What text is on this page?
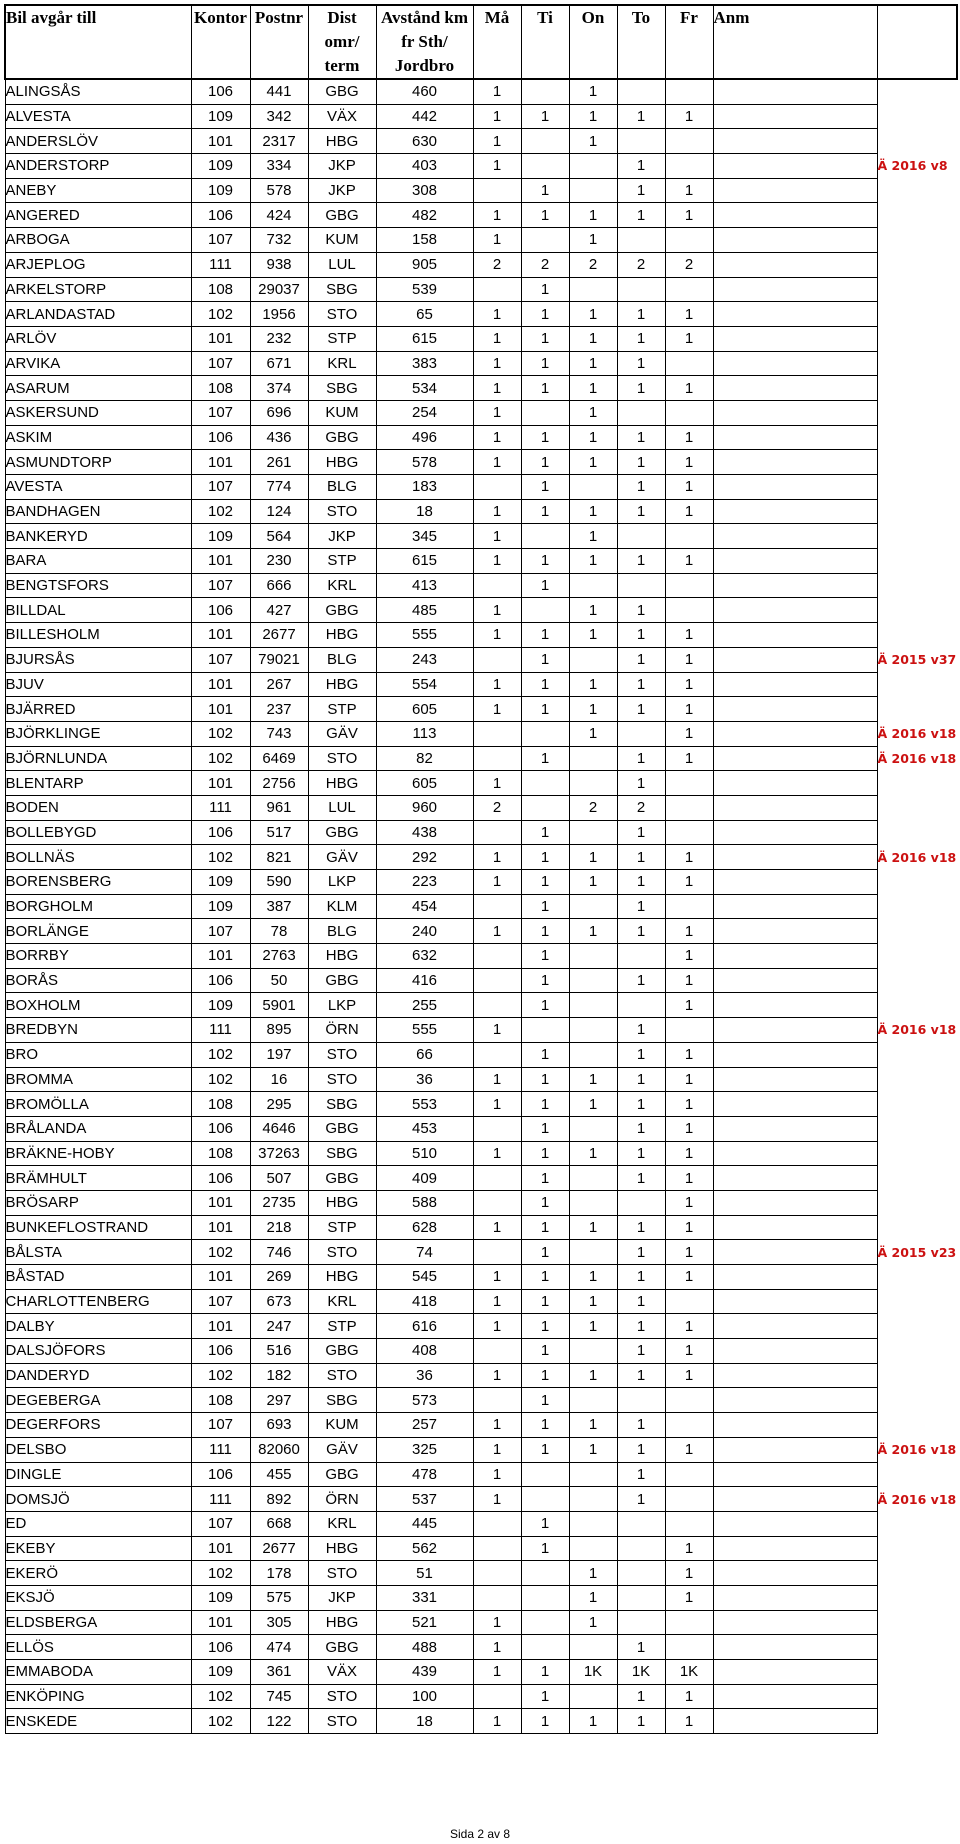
Bil avgår till	Kontor	Postnr	Dist
omr/
term	Avstånd km
fr Sth/
Jordbro	Må	Ti	On	To	Fr	Anm	
ALINGSÅS	106	441	GBG	460	1		1				
ALVESTA	109	342	VÄX	442	1	1	1	1	1		
ANDERSLÖV	101	2317	HBG	630	1		1				
ANDERSTORP	109	334	JKP	403	1			1			Ä 2016 v8
ANEBY	109	578	JKP	308		1		1	1		
ANGERED	106	424	GBG	482	1	1	1	1	1		
ARBOGA	107	732	KUM	158	1		1				
ARJEPLOG	111	938	LUL	905	2	2	2	2	2		
ARKELSTORP	108	29037	SBG	539		1					
ARLANDASTAD	102	1956	STO	65	1	1	1	1	1		
ARLÖV	101	232	STP	615	1	1	1	1	1		
ARVIKA	107	671	KRL	383	1	1	1	1			
ASARUM	108	374	SBG	534	1	1	1	1	1		
ASKERSUND	107	696	KUM	254	1		1				
ASKIM	106	436	GBG	496	1	1	1	1	1		
ASMUNDTORP	101	261	HBG	578	1	1	1	1	1		
AVESTA	107	774	BLG	183		1		1	1		
BANDHAGEN	102	124	STO	18	1	1	1	1	1		
BANKERYD	109	564	JKP	345	1		1				
BARA	101	230	STP	615	1	1	1	1	1		
BENGTSFORS	107	666	KRL	413		1					
BILLDAL	106	427	GBG	485	1		1	1			
BILLESHOLM	101	2677	HBG	555	1	1	1	1	1		
BJURSÅS	107	79021	BLG	243		1		1	1		Ä 2015 v37
BJUV	101	267	HBG	554	1	1	1	1	1		
BJÄRRED	101	237	STP	605	1	1	1	1	1		
BJÖRKLINGE	102	743	GÄV	113			1		1		Ä 2016 v18
BJÖRNLUNDA	102	6469	STO	82		1		1	1		Ä 2016 v18
BLENTARP	101	2756	HBG	605	1			1			
BODEN	111	961	LUL	960	2		2	2			
BOLLEBYGD	106	517	GBG	438		1		1			
BOLLNÄS	102	821	GÄV	292	1	1	1	1	1		Ä 2016 v18
BORENSBERG	109	590	LKP	223	1	1	1	1	1		
BORGHOLM	109	387	KLM	454		1		1			
BORLÄNGE	107	78	BLG	240	1	1	1	1	1		
BORRBY	101	2763	HBG	632		1			1		
BORÅS	106	50	GBG	416		1		1	1		
BOXHOLM	109	5901	LKP	255		1			1		
BREDBYN	111	895	ÖRN	555	1			1			Ä 2016 v18
BRO	102	197	STO	66		1		1	1		
BROMMA	102	16	STO	36	1	1	1	1	1		
BROMÖLLA	108	295	SBG	553	1	1	1	1	1		
BRÅLANDA	106	4646	GBG	453		1		1	1		
BRÄKNE-HOBY	108	37263	SBG	510	1	1	1	1	1		
BRÄMHULT	106	507	GBG	409		1		1	1		
BRÖSARP	101	2735	HBG	588		1			1		
BUNKEFLOSTRAND	101	218	STP	628	1	1	1	1	1		
BÅLSTA	102	746	STO	74		1		1	1		Ä 2015 v23
BÅSTAD	101	269	HBG	545	1	1	1	1	1		
CHARLOTTENBERG	107	673	KRL	418	1	1	1	1			
DALBY	101	247	STP	616	1	1	1	1	1		
DALSJÖFORS	106	516	GBG	408		1		1	1		
DANDERYD	102	182	STO	36	1	1	1	1	1		
DEGEBERGA	108	297	SBG	573		1					
DEGERFORS	107	693	KUM	257	1	1	1	1			
DELSBO	111	82060	GÄV	325	1	1	1	1	1		Ä 2016 v18
DINGLE	106	455	GBG	478	1			1			
DOMSJÖ	111	892	ÖRN	537	1			1			Ä 2016 v18
ED	107	668	KRL	445		1					
EKEBY	101	2677	HBG	562		1			1		
EKERÖ	102	178	STO	51			1		1		
EKSJÖ	109	575	JKP	331			1		1		
ELDSBERGA	101	305	HBG	521	1		1				
ELLÖS	106	474	GBG	488	1			1			
EMMABODA	109	361	VÄX	439	1	1	1K	1K	1K		
ENKÖPING	102	745	STO	100		1		1	1		
ENSKEDE	102	122	STO	18	1	1	1	1	1		
Sida 2 av 8
